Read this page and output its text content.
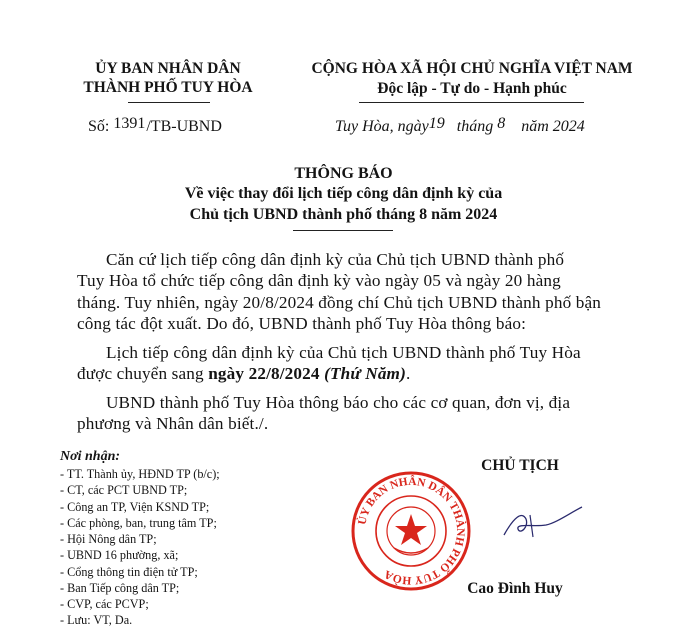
ỦY BAN NHÂN DÂN
THÀNH PHỐ TUY HÒA
CỘNG HÒA XÃ HỘI CHỦ NGHĨA VIỆT NAM
Độc lập - Tự do - Hạnh phúc
Số: 1391/TB-UBND	Tuy Hòa, ngày19 tháng 8 năm 2024
THÔNG BÁO
Về việc thay đổi lịch tiếp công dân định kỳ của
Chủ tịch UBND thành phố tháng 8 năm 2024
Căn cứ lịch tiếp công dân định kỳ của Chủ tịch UBND thành phố
Tuy Hòa tổ chức tiếp công dân định kỳ vào ngày 05 và ngày 20 hàng
tháng. Tuy nhiên, ngày 20/8/2024 đồng chí Chủ tịch UBND thành phố bận
công tác đột xuất. Do đó, UBND thành phố Tuy Hòa thông báo:
Lịch tiếp công dân định kỳ của Chủ tịch UBND thành phố Tuy Hòa
được chuyển sang ngày 22/8/2024 (Thứ Năm).
UBND thành phố Tuy Hòa thông báo cho các cơ quan, đơn vị, địa
phương và Nhân dân biết./.
Nơi nhận:
- TT. Thành ủy, HĐND TP (b/c);
- CT, các PCT UBND TP;
- Công an TP, Viện KSND TP;
- Các phòng, ban, trung tâm TP;
- Hội Nông dân TP;
- UBND 16 phường, xã;
- Cổng thông tin điện tử TP;
- Ban Tiếp công dân TP;
- CVP, các PCVP;
- Lưu: VT, Da.
CHỦ TỊCH
ỦY BAN NHÂN DÂN THÀNH PHỐ TUY HÒA
Cao Đình Huy
